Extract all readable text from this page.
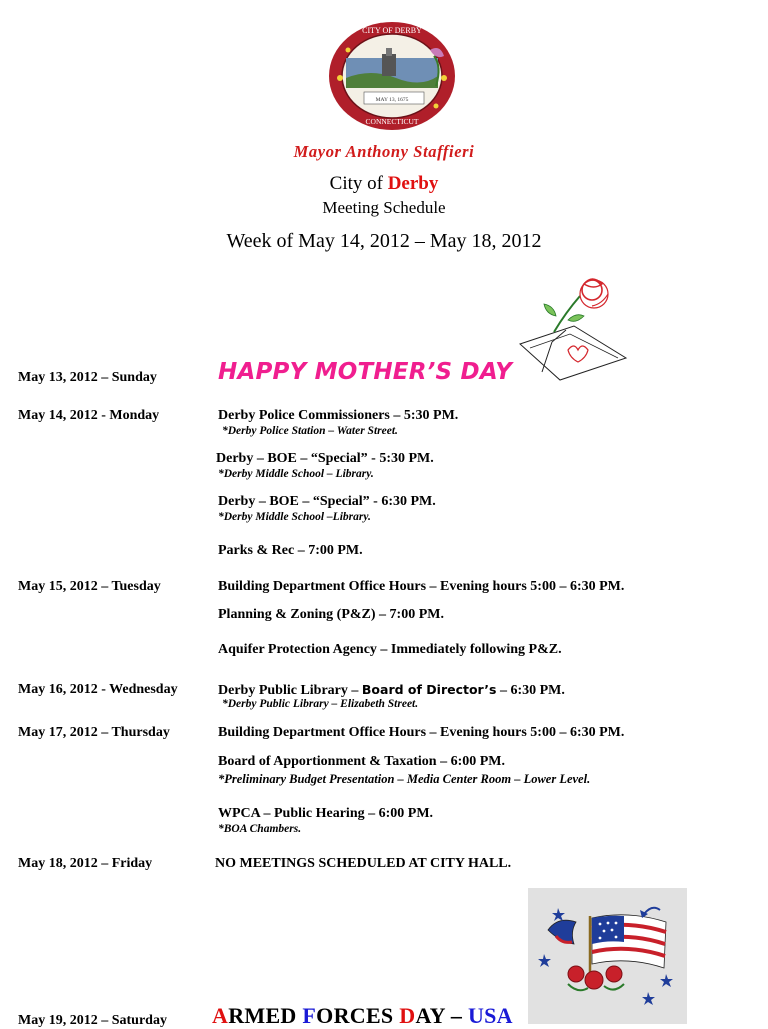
CITY OF DERBY
MAY 13, 1675
CONNECTICUT
Mayor Anthony Staffieri
City of Derby
Meeting Schedule
Week of May 14, 2012 – May 18, 2012
May 13, 2012 – Sunday	HAPPY MOTHER’S DAY
May 14, 2012 - Monday	Derby Police Commissioners – 5:30 PM.
*Derby Police Station – Water Street.
Derby – BOE – “Special” - 5:30 PM.
*Derby Middle School – Library.
Derby – BOE – “Special” - 6:30 PM.
*Derby Middle School –Library.
Parks & Rec – 7:00 PM.
May 15, 2012 – Tuesday	Building Department Office Hours – Evening hours 5:00 – 6:30 PM.
Planning & Zoning (P&Z) – 7:00 PM.
Aquifer Protection Agency – Immediately following P&Z.
May 16, 2012 - Wednesday	Derby Public Library – Board of Director’s – 6:30 PM.
*Derby Public Library – Elizabeth Street.
May 17, 2012 – Thursday	Building Department Office Hours – Evening hours 5:00 – 6:30 PM.
Board of Apportionment & Taxation – 6:00 PM.
*Preliminary Budget Presentation – Media Center Room – Lower Level.
WPCA – Public Hearing – 6:00 PM.
*BOA Chambers.
May 18, 2012 – Friday	NO MEETINGS SCHEDULED AT CITY HALL.
May 19, 2012 – Saturday ARMED FORCES DAY – USA
